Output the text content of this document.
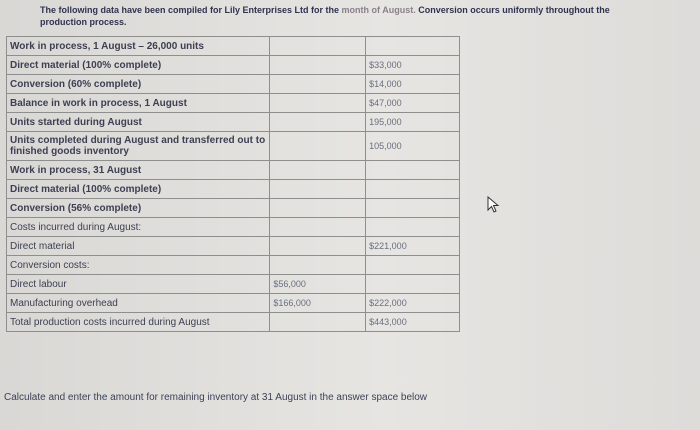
The following data have been compiled for Lily Enterprises Ltd for the month of August. Conversion occurs uniformly throughout the
production process.
Work in process, 1 August – 26,000 units		
Direct material (100% complete)		$33,000
Conversion (60% complete)		$14,000
Balance in work in process, 1 August		$47,000
Units started during August		195,000
Units completed during August and transferred out to finished goods inventory		105,000
Work in process, 31 August		
Direct material (100% complete)		
Conversion (56% complete)		
Costs incurred during August:		
Direct material		$221,000
Conversion costs:		
Direct labour	$56,000	
Manufacturing overhead	$166,000	$222,000
Total production costs incurred during August		$443,000
Calculate and enter the amount for remaining inventory at 31 August in the answer space below
